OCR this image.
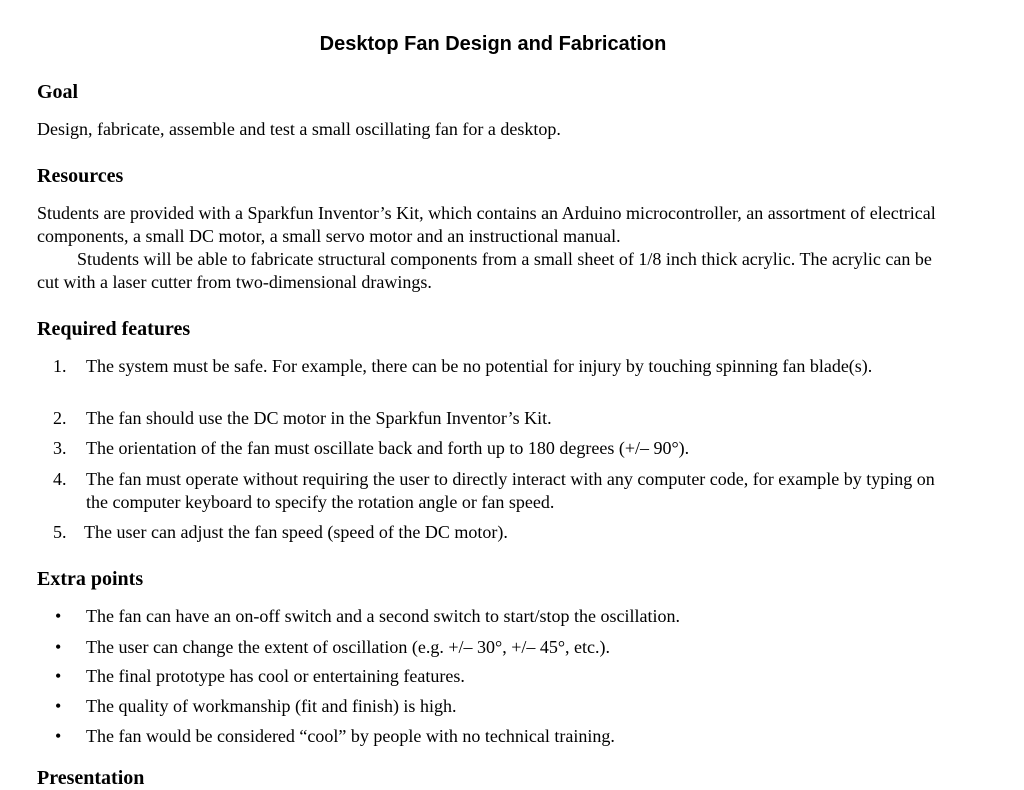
Desktop Fan Design and Fabrication
Goal
Design, fabricate, assemble and test a small oscillating fan for a desktop.
Resources
Students are provided with a Sparkfun Inventor’s Kit, which contains an Arduino microcontroller, an assortment of electrical components, a small DC motor, a small servo motor and an instructional manual.
Students will be able to fabricate structural components from a small sheet of 1/8 inch thick acrylic. The acrylic can be cut with a laser cutter from two-dimensional drawings.
Required features
1. The system must be safe. For example, there can be no potential for injury by touching spinning fan blade(s).
2. The fan should use the DC motor in the Sparkfun Inventor’s Kit.
3. The orientation of the fan must oscillate back and forth up to 180 degrees (+/– 90°).
4. The fan must operate without requiring the user to directly interact with any computer code, for example by typing on the computer keyboard to specify the rotation angle or fan speed.
5. The user can adjust the fan speed (speed of the DC motor).
Extra points
• The fan can have an on-off switch and a second switch to start/stop the oscillation.
• The user can change the extent of oscillation (e.g. +/– 30°, +/– 45°, etc.).
• The final prototype has cool or entertaining features.
• The quality of workmanship (fit and finish) is high.
• The fan would be considered “cool” by people with no technical training.
Presentation
